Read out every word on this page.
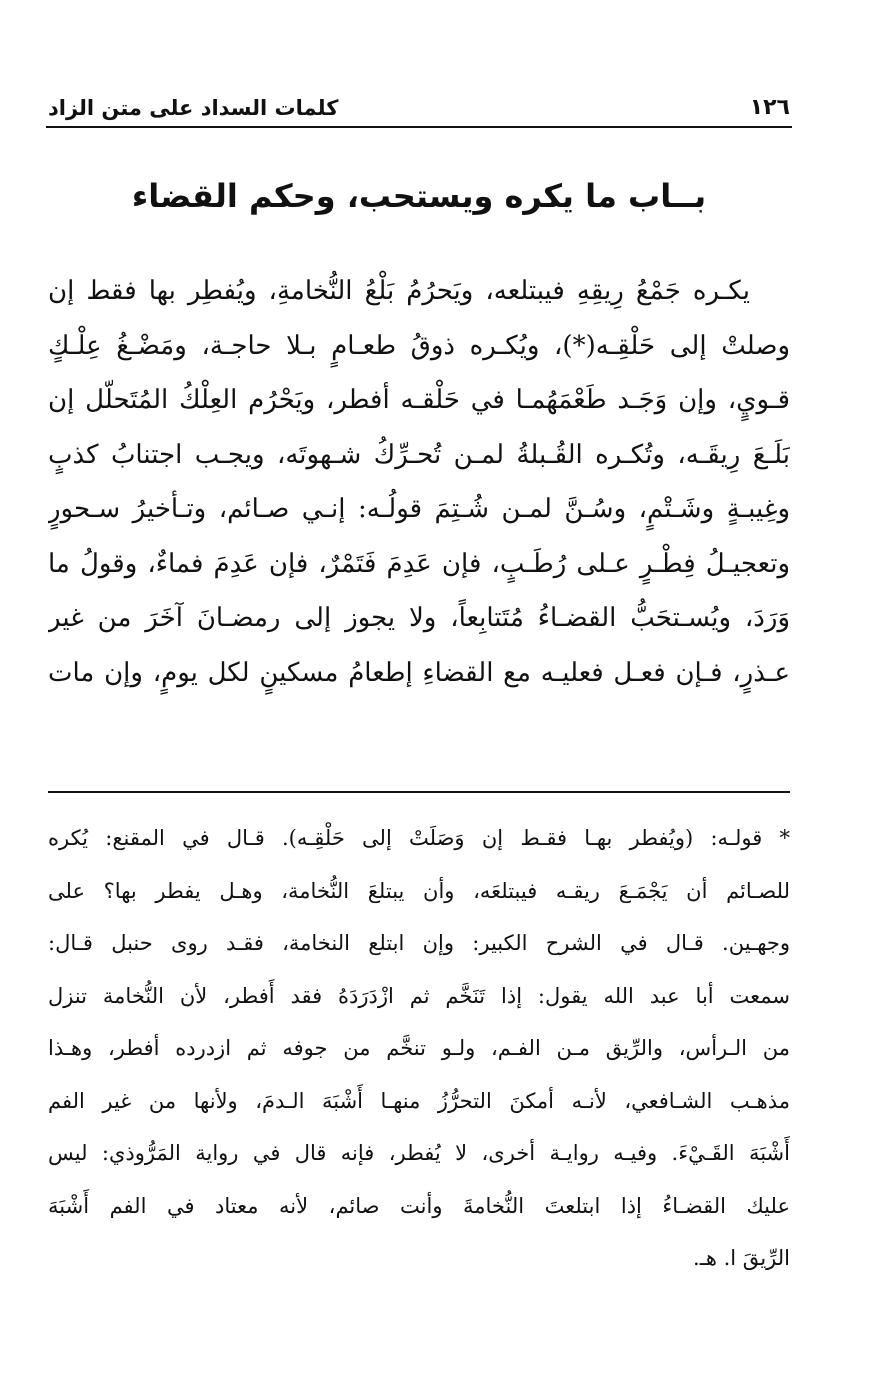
١٢٦
كلمات السداد على متن الزاد
بــاب ما يكره ويستحب، وحكم القضاء
يكـره جَمْعُ رِيقِهِ فيبتلعه، ويَحرُمُ بَلْعُ النُّخامةِ، ويُفطِر بها فقط إن
وصلتْ إلى حَلْقِـه(*)، ويُكـره ذوقُ طعـامٍ بـلا حاجـة، ومَضْـغُ عِلْـكٍ
قـويٍ، وإن وَجَـد طَعْمَهُمـا في حَلْقـه أفطر، ويَحْرُم العِلْكُ المُتَحلّل إن
بَلَـعَ رِيقَـه، وتُكـره القُـبلةُ لمـن تُحـرِّكُ شـهوتَه، ويجـب اجتنابُ كذبٍ
وغِيبـةٍ وشَـتْمٍ، وسُـنَّ لمـن شُـتِمَ قولُـه: إنـي صـائم، وتـأخيرُ سـحورٍ
وتعجيـلُ فِطْـرٍ عـلى رُطَـبٍ، فإن عَدِمَ فَتَمْرٌ، فإن عَدِمَ فماءٌ، وقولُ ما
وَرَدَ، ويُسـتحَبُّ القضـاءُ مُتَتابِعاً، ولا يجوز إلى رمضـانَ آخَرَ من غير
عـذرٍ، فـإن فعـل فعليـه مع القضاءِ إطعامُ مسكينٍ لكل يومٍ، وإن مات
* قولـه: (ويُفطر بهـا فقـط إن وَصَلَتْ إلى حَلْقِـه). قـال في المقنع: يُكره
للصـائم أن يَجْمَـعَ ريقـه فيبتلعَه، وأن يبتلعَ النُّخامة، وهـل يفطر بها؟ على
وجهـين. قـال في الشرح الكبير: وإن ابتلع النخامة، فقـد روى حنبل قـال:
سمعت أبا عبد الله يقول: إذا تَنَخَّم ثم ازْدَرَدَهُ فقد أَفطر، لأن النُّخامة تنزل
من الـرأس، والرِّيق مـن الفـم، ولـو تنخَّم من جوفه ثم ازدرده أفطر، وهـذا
مذهـب الشـافعي، لأنـه أمكنَ التحرُّزُ منهـا أَشْبَهَ الـدمَ، ولأنها من غير الفم
أَشْبَهَ القَـيْءَ. وفيـه روايـة أخرى، لا يُفطر، فإنه قال في رواية المَرُّوذي: ليس
عليك القضـاءُ إذا ابتلعتَ النُّخامةَ وأنت صائم، لأنه معتاد في الفم أَشْبَهَ
الرِّيقَ ا. هـ.
